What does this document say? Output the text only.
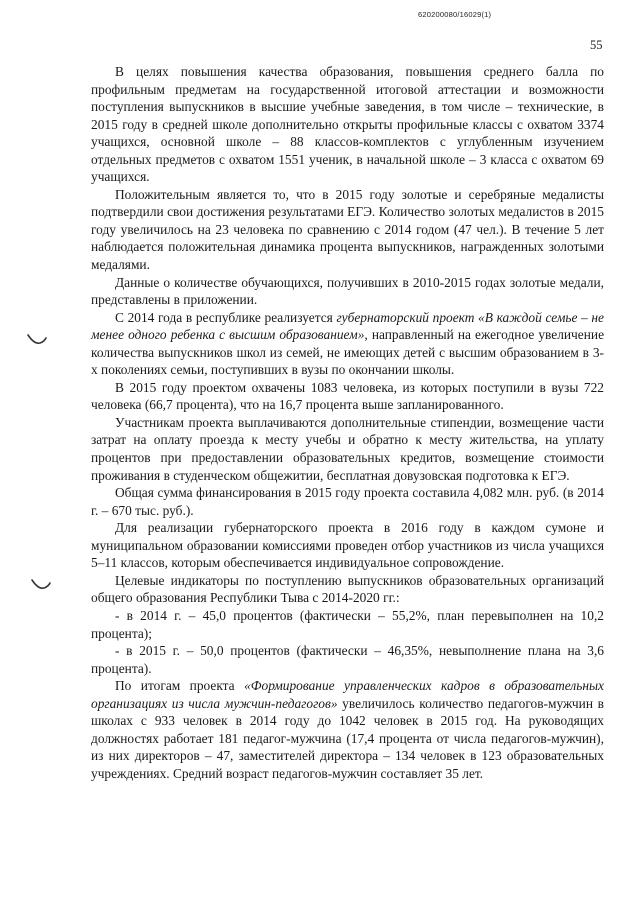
620200080/16029(1)
55

В целях повышения качества образования, повышения среднего балла по профильным предметам на государственной итоговой аттестации и возможности поступления выпускников в высшие учебные заведения, в том числе – технические, в 2015 году в средней школе дополнительно открыты профильные классы с охватом 3374 учащихся, основной школе – 88 классов-комплектов с углубленным изучением отдельных предметов с охватом 1551 ученик, в начальной школе – 3 класса с охватом 69 учащихся.

Положительным является то, что в 2015 году золотые и серебряные медалисты подтвердили свои достижения результатами ЕГЭ. Количество золотых медалистов в 2015 году увеличилось на 23 человека по сравнению с 2014 годом (47 чел.). В течение 5 лет наблюдается положительная динамика процента выпускников, награжденных золотыми медалями.

Данные о количестве обучающихся, получивших в 2010-2015 годах золотые медали, представлены в приложении.

С 2014 года в республике реализуется губернаторский проект «В каждой семье – не менее одного ребенка с высшим образованием», направленный на ежегодное увеличение количества выпускников школ из семей, не имеющих детей с высшим образованием в 3-х поколениях семьи, поступивших в вузы по окончании школы.

В 2015 году проектом охвачены 1083 человека, из которых поступили в вузы 722 человека (66,7 процента), что на 16,7 процента выше запланированного.

Участникам проекта выплачиваются дополнительные стипендии, возмещение части затрат на оплату проезда к месту учебы и обратно к месту жительства, на уплату процентов при предоставлении образовательных кредитов, возмещение стоимости проживания в студенческом общежитии, бесплатная довузовская подготовка к ЕГЭ.

Общая сумма финансирования в 2015 году проекта составила 4,082 млн. руб. (в 2014 г. – 670 тыс. руб.).

Для реализации губернаторского проекта в 2016 году в каждом сумоне и муниципальном образовании комиссиями проведен отбор участников из числа учащихся 5–11 классов, которым обеспечивается индивидуальное сопровождение.

Целевые индикаторы по поступлению выпускников образовательных организаций общего образования Республики Тыва с 2014-2020 гг.:

- в 2014 г. – 45,0 процентов (фактически – 55,2%, план перевыполнен на 10,2 процента);

- в 2015 г. – 50,0 процентов (фактически – 46,35%, невыполнение плана на 3,6 процента).

По итогам проекта «Формирование управленческих кадров в образовательных организациях из числа мужчин-педагогов» увеличилось количество педагогов-мужчин в школах с 933 человек в 2014 году до 1042 человек в 2015 год. На руководящих должностях работает 181 педагог-мужчина (17,4 процента от числа педагогов-мужчин), из них директоров – 47, заместителей директора – 134 человек в 123 образовательных учреждениях. Средний возраст педагогов-мужчин составляет 35 лет.
